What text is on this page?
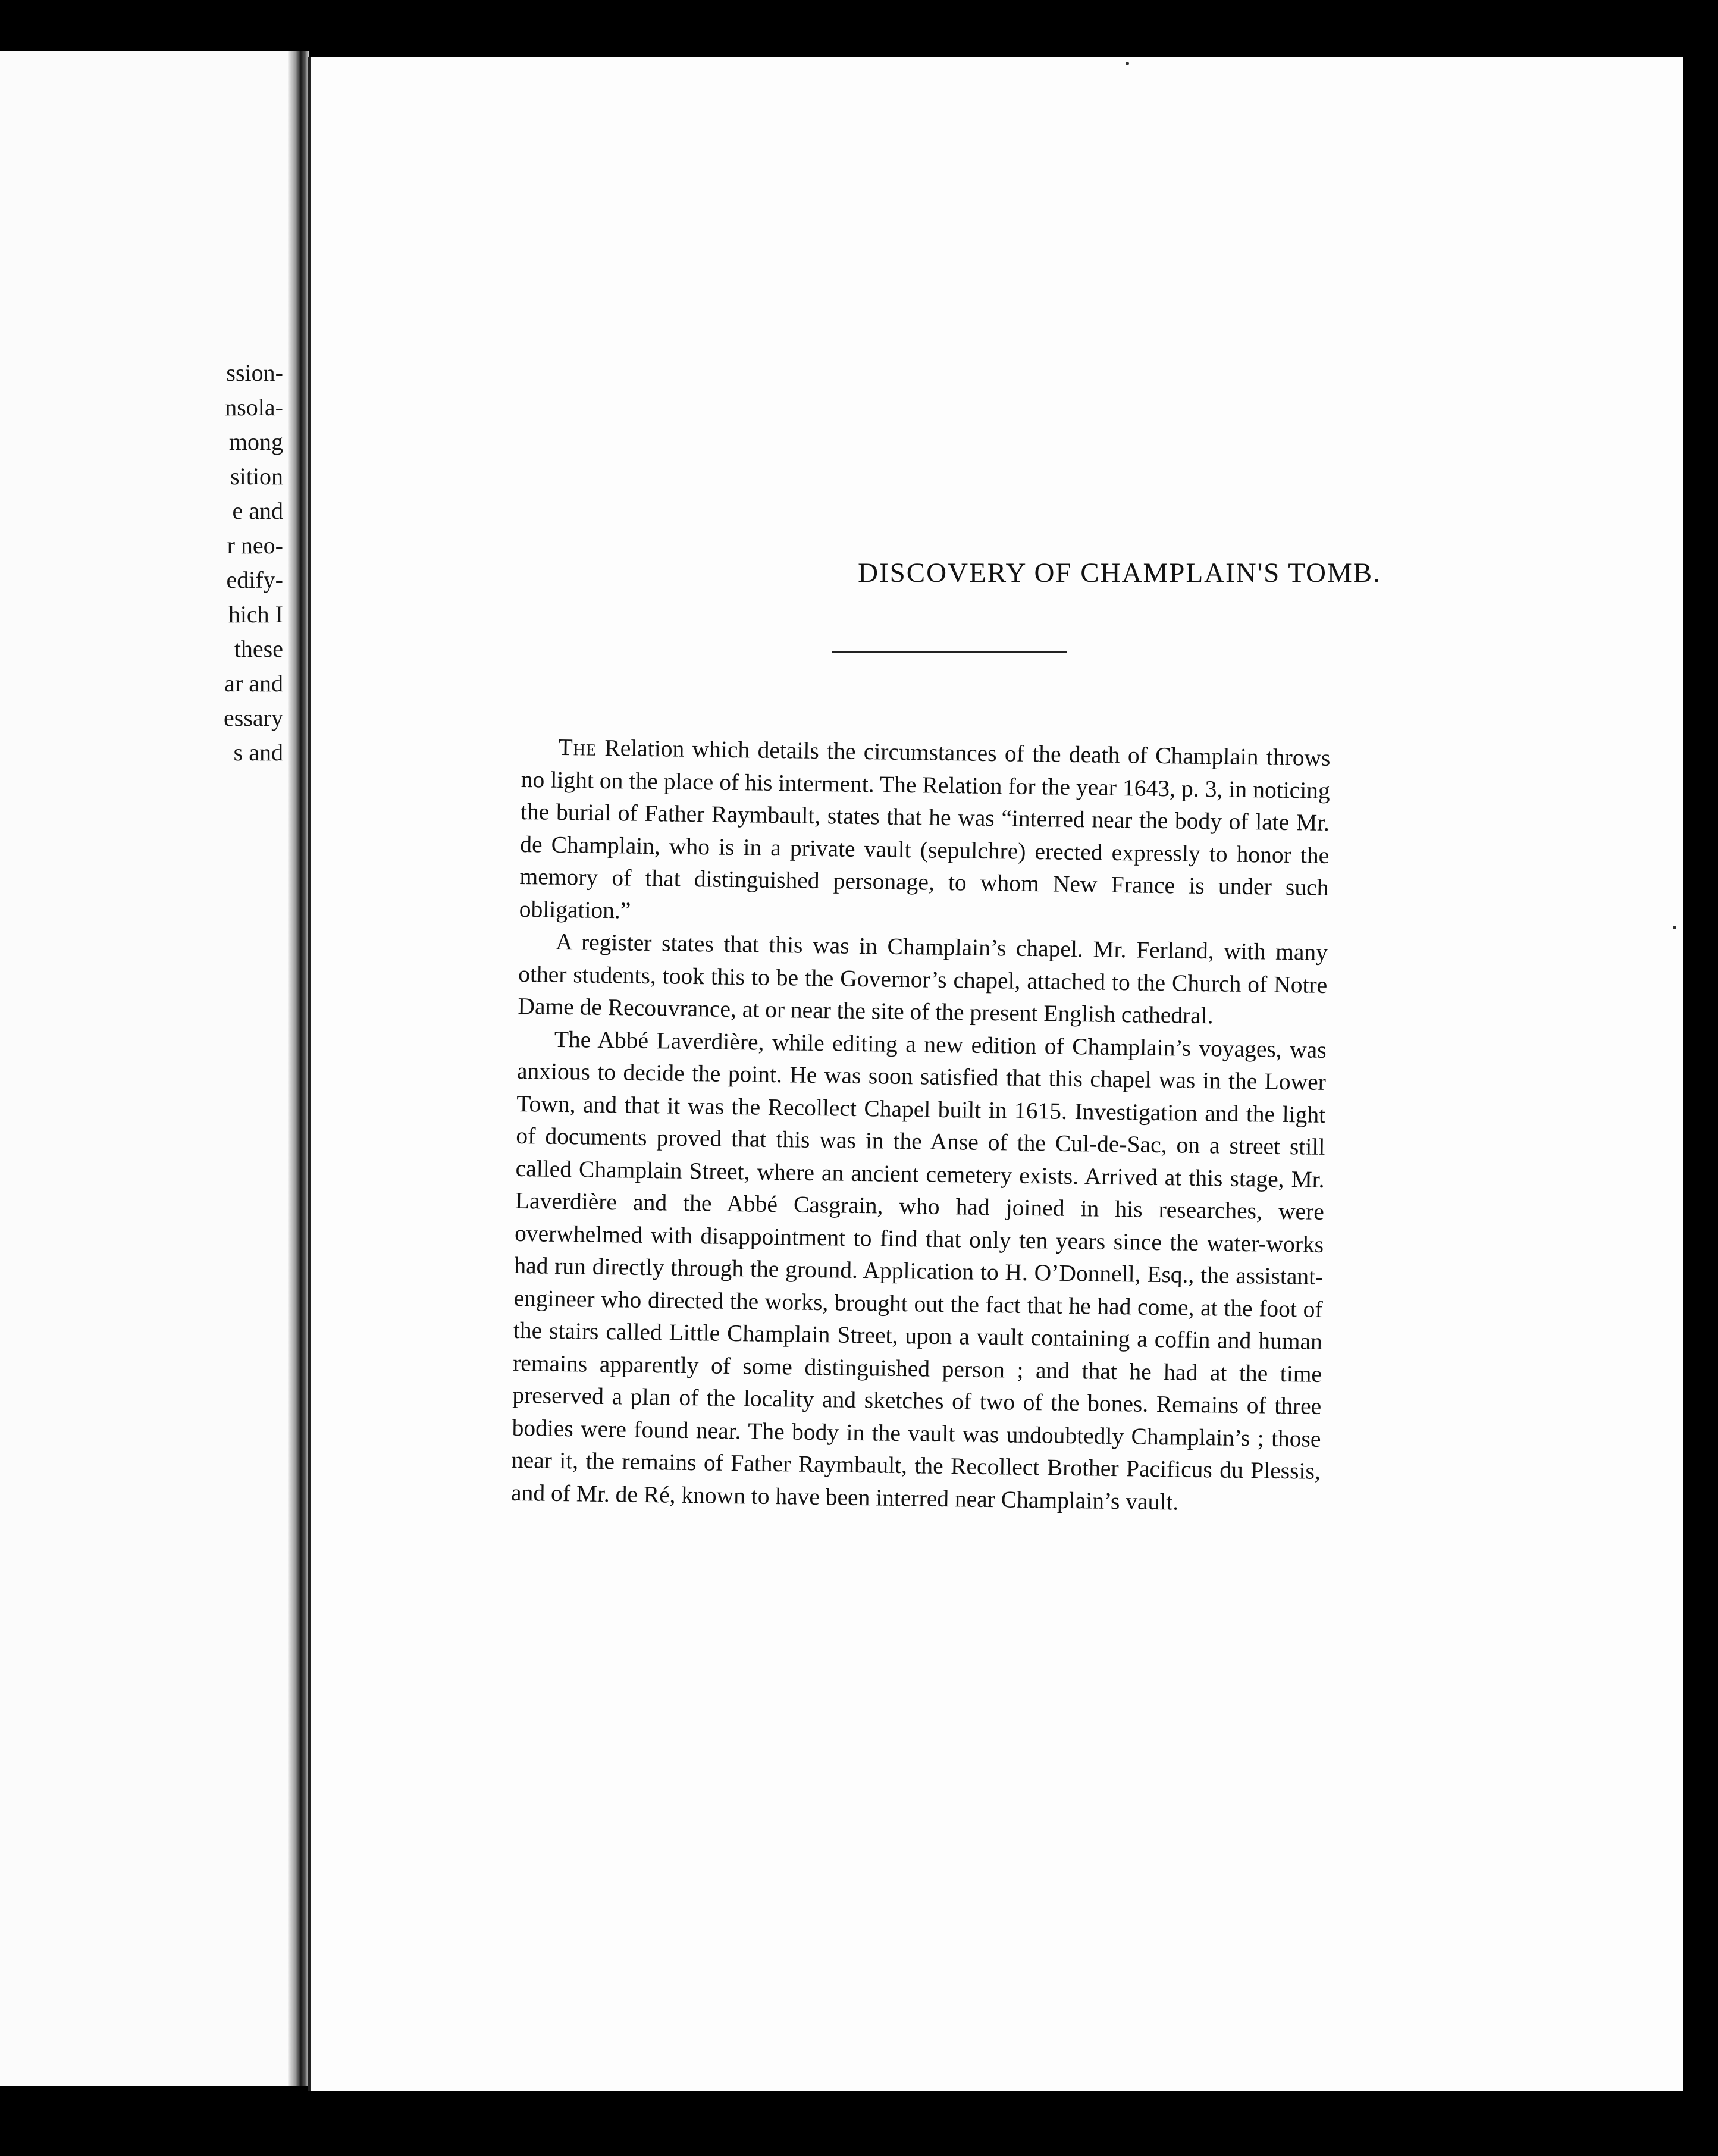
ssion-
nsola-
mong
sition
e and
r neo-
edify-
hich I
these
ar and
essary
s and
DISCOVERY OF CHAMPLAIN'S TOMB.

The Relation which details the circumstances of the death of Champlain throws no light on the place of his interment. The Relation for the year 1643, p. 3, in noticing the burial of Father Raymbault, states that he was “interred near the body of late Mr. de Champlain, who is in a private vault (sepulchre) erected expressly to honor the memory of that distinguished personage, to whom New France is under such obligation.”

A register states that this was in Champlain’s chapel. Mr. Ferland, with many other students, took this to be the Governor’s chapel, attached to the Church of Notre Dame de Recouvrance, at or near the site of the present English cathedral.

The Abbé Laverdière, while editing a new edition of Champlain’s voyages, was anxious to decide the point. He was soon satisfied that this chapel was in the Lower Town, and that it was the Recollect Chapel built in 1615. Investigation and the light of documents proved that this was in the Anse of the Cul-de-Sac, on a street still called Champlain Street, where an ancient cemetery exists. Arrived at this stage, Mr. Laverdière and the Abbé Casgrain, who had joined in his researches, were overwhelmed with disappointment to find that only ten years since the water-works had run directly through the ground. Application to H. O’Donnell, Esq., the assistant-engineer who directed the works, brought out the fact that he had come, at the foot of the stairs called Little Champlain Street, upon a vault containing a coffin and human remains apparently of some distinguished person ; and that he had at the time preserved a plan of the locality and sketches of two of the bones. Remains of three bodies were found near. The body in the vault was undoubtedly Champlain’s ; those near it, the remains of Father Raymbault, the Recollect Brother Pacificus du Plessis, and of Mr. de Ré, known to have been interred near Champlain’s vault.
